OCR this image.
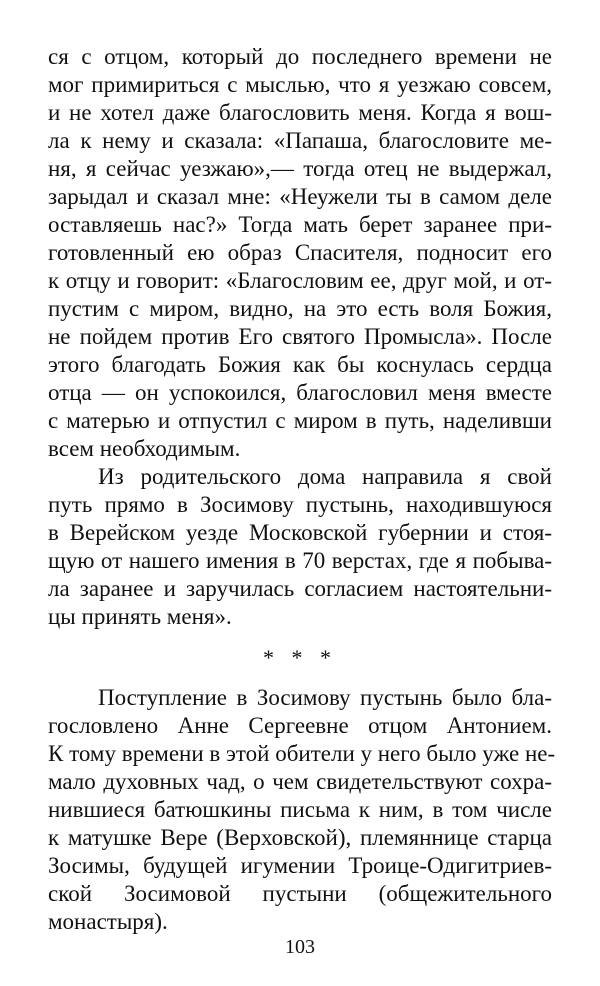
ся с отцом, который до последнего времени не
мог примириться с мыслью, что я уезжаю совсем,
и не хотел даже благословить меня. Когда я вош-
ла к нему и сказала: «Папаша, благословите ме-
ня, я сейчас уезжаю»,— тогда отец не выдержал,
зарыдал и сказал мне: «Неужели ты в самом деле
оставляешь нас?» Тогда мать берет заранее при-
готовленный ею образ Спасителя, подносит его
к отцу и говорит: «Благословим ее, друг мой, и от-
пустим с миром, видно, на это есть воля Божия,
не пойдем против Его святого Промысла». После
этого благодать Божия как бы коснулась сердца
отца — он успокоился, благословил меня вместе
с матерью и отпустил с миром в путь, наделивши
всем необходимым.
Из родительского дома направила я свой
путь прямо в Зосимову пустынь, находившуюся
в Верейском уезде Московской губернии и стоя-
щую от нашего имения в 70 верстах, где я побыва-
ла заранее и заручилась согласием настоятельни-
цы принять меня».
* * *
Поступление в Зосимову пустынь было бла-
гословлено Анне Сергеевне отцом Антонием.
К тому времени в этой обители у него было уже не-
мало духовных чад, о чем свидетельствуют сохра-
нившиеся батюшкины письма к ним, в том числе
к матушке Вере (Верховской), племяннице старца
Зосимы, будущей игумении Троице-Одигитриев-
ской Зосимовой пустыни (общежительного
монастыря).
103
